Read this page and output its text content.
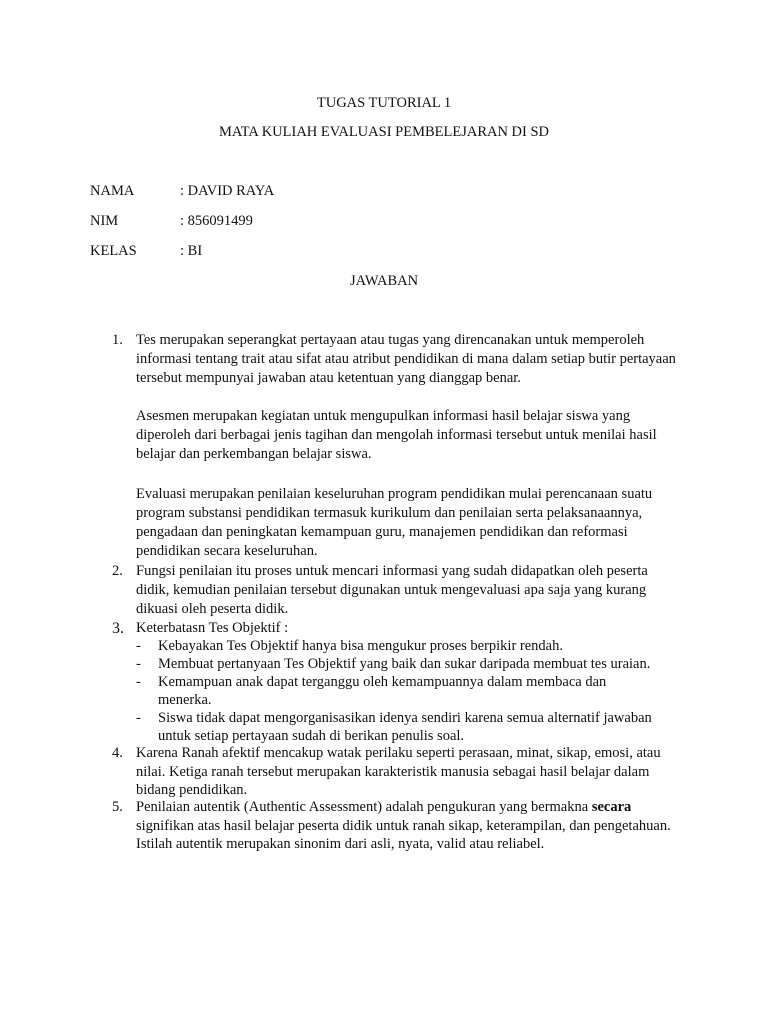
TUGAS TUTORIAL 1
MATA KULIAH EVALUASI PEMBELEJARAN DI SD
NAMA	: DAVID RAYA
NIM	: 856091499
KELAS	: BI
JAWABAN
1. Tes merupakan seperangkat pertayaan atau tugas yang direncanakan untuk memperoleh informasi tentang trait atau sifat atau atribut pendidikan di mana dalam setiap butir pertayaan tersebut mempunyai jawaban atau ketentuan yang dianggap benar.
Asesmen merupakan kegiatan untuk mengupulkan informasi hasil belajar siswa yang diperoleh dari berbagai jenis tagihan dan mengolah informasi tersebut untuk menilai hasil belajar dan perkembangan belajar siswa.
Evaluasi merupakan penilaian keseluruhan program pendidikan mulai perencanaan suatu program substansi pendidikan termasuk kurikulum dan penilaian serta pelaksanaannya, pengadaan dan peningkatan kemampuan guru, manajemen pendidikan dan reformasi pendidikan secara keseluruhan.
2. Fungsi penilaian itu proses untuk mencari informasi yang sudah didapatkan oleh peserta didik, kemudian penilaian tersebut digunakan untuk mengevaluasi apa saja yang kurang dikuasi oleh peserta didik.
3. Keterbatasn Tes Objektif :
-	Kebayakan Tes Objektif hanya bisa mengukur proses berpikir rendah.
-	Membuat pertanyaan Tes Objektif yang baik dan sukar daripada membuat tes uraian.
-	Kemampuan anak dapat terganggu oleh kemampuannya dalam membaca dan menerka.
-	Siswa tidak dapat mengorganisasikan idenya sendiri karena semua alternatif jawaban untuk setiap pertayaan sudah di berikan penulis soal.
4. Karena Ranah afektif mencakup watak perilaku seperti perasaan, minat, sikap, emosi, atau nilai. Ketiga ranah tersebut merupakan karakteristik manusia sebagai hasil belajar dalam bidang pendidikan.
5. Penilaian autentik (Authentic Assessment) adalah pengukuran yang bermakna secara signifikan atas hasil belajar peserta didik untuk ranah sikap, keterampilan, dan pengetahuan. Istilah autentik merupakan sinonim dari asli, nyata, valid atau reliabel.
